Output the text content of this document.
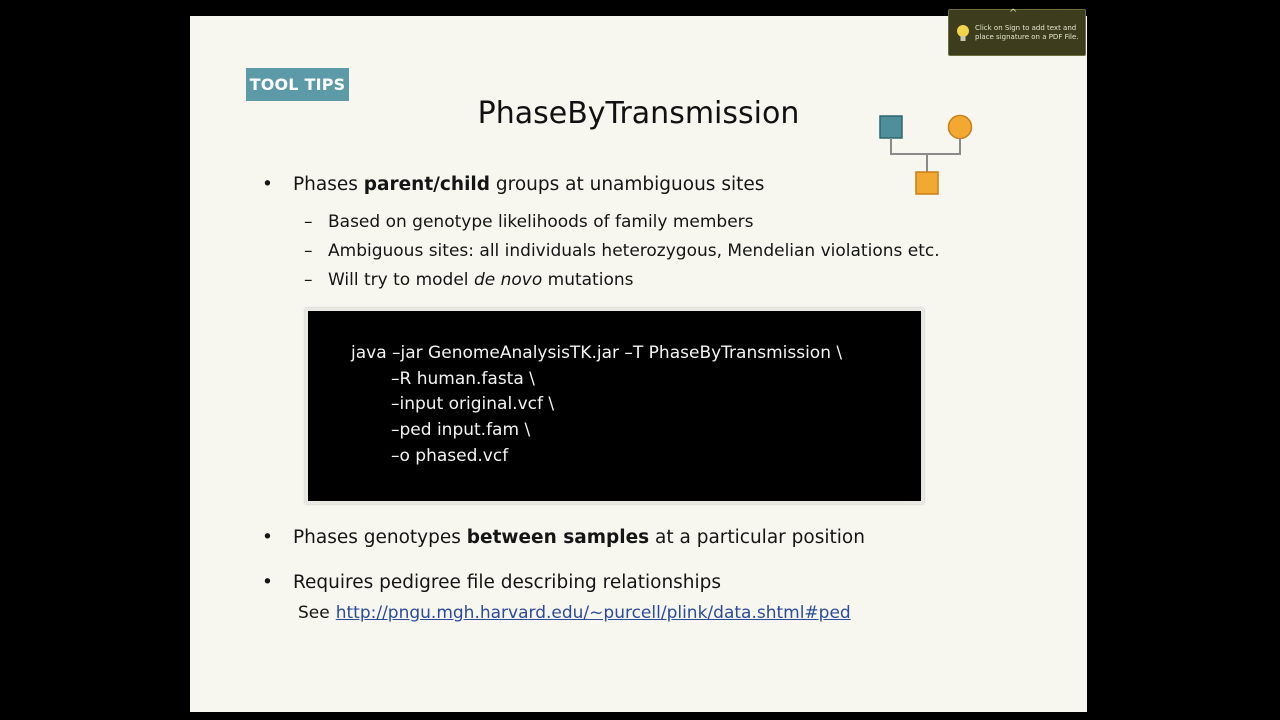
TOOL TIPS
PhaseByTransmission
• Phases parent/child groups at unambiguous sites
– Based on genotype likelihoods of family members
– Ambiguous sites: all individuals heterozygous, Mendelian violations etc.
– Will try to model de novo mutations
java –jar GenomeAnalysisTK.jar –T PhaseByTransmission \
–R human.fasta \
–input original.vcf \
–ped input.fam \
–o phased.vcf
• Phases genotypes between samples at a particular position
• Requires pedigree file describing relationships
See http://pngu.mgh.harvard.edu/~purcell/plink/data.shtml#ped
^
Click on Sign to add text and place signature on a PDF File.
